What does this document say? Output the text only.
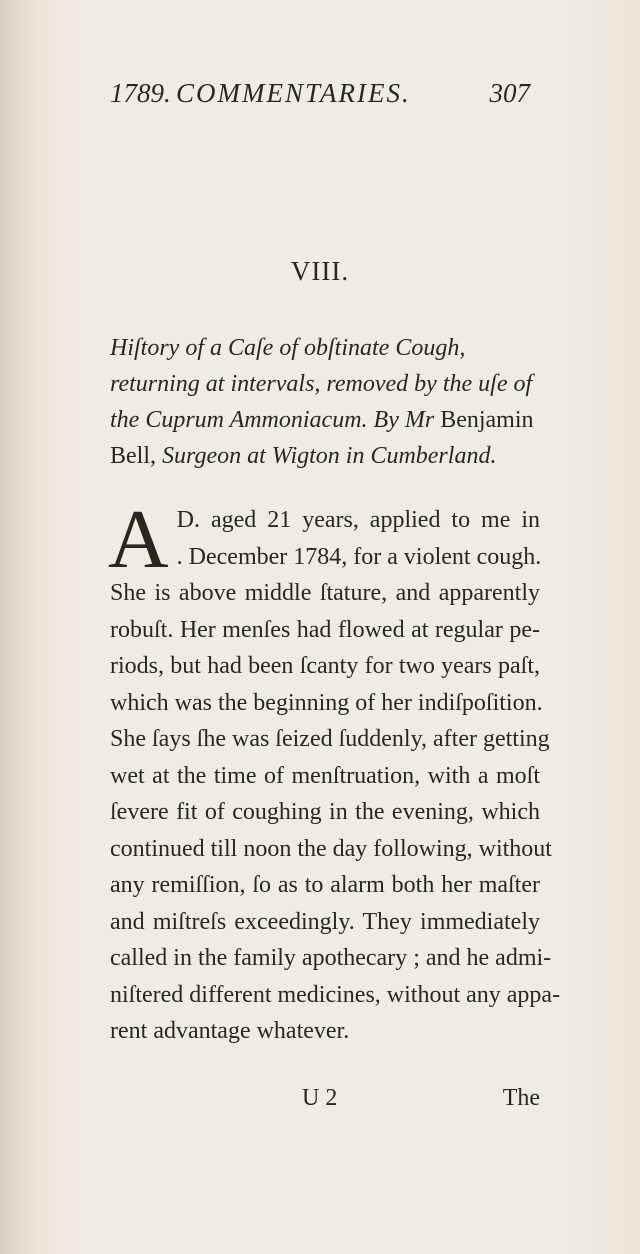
1789. COMMENTARIES.	307
VIII.
Hiſtory of a Caſe of obſtinate Cough, returning at intervals, removed by the uſe of the Cuprum Ammoniacum. By Mr Benjamin Bell, Surgeon at Wigton in Cumberland.
A D. aged 21 years, applied to me in
. December 1784, for a violent cough.
She is above middle ſtature, and apparently
robuſt. Her menſes had flowed at regular pe-
riods, but had been ſcanty for two years paſt,
which was the beginning of her indiſpoſition.
She ſays ſhe was ſeized ſuddenly, after getting
wet at the time of menſtruation, with a moſt
ſevere fit of coughing in the evening, which
continued till noon the day following, without
any remiſſion, ſo as to alarm both her maſter
and miſtreſs exceedingly. They immediately
called in the family apothecary ; and he admi-
niſtered different medicines, without any appa-
rent advantage whatever.
U 2	The
